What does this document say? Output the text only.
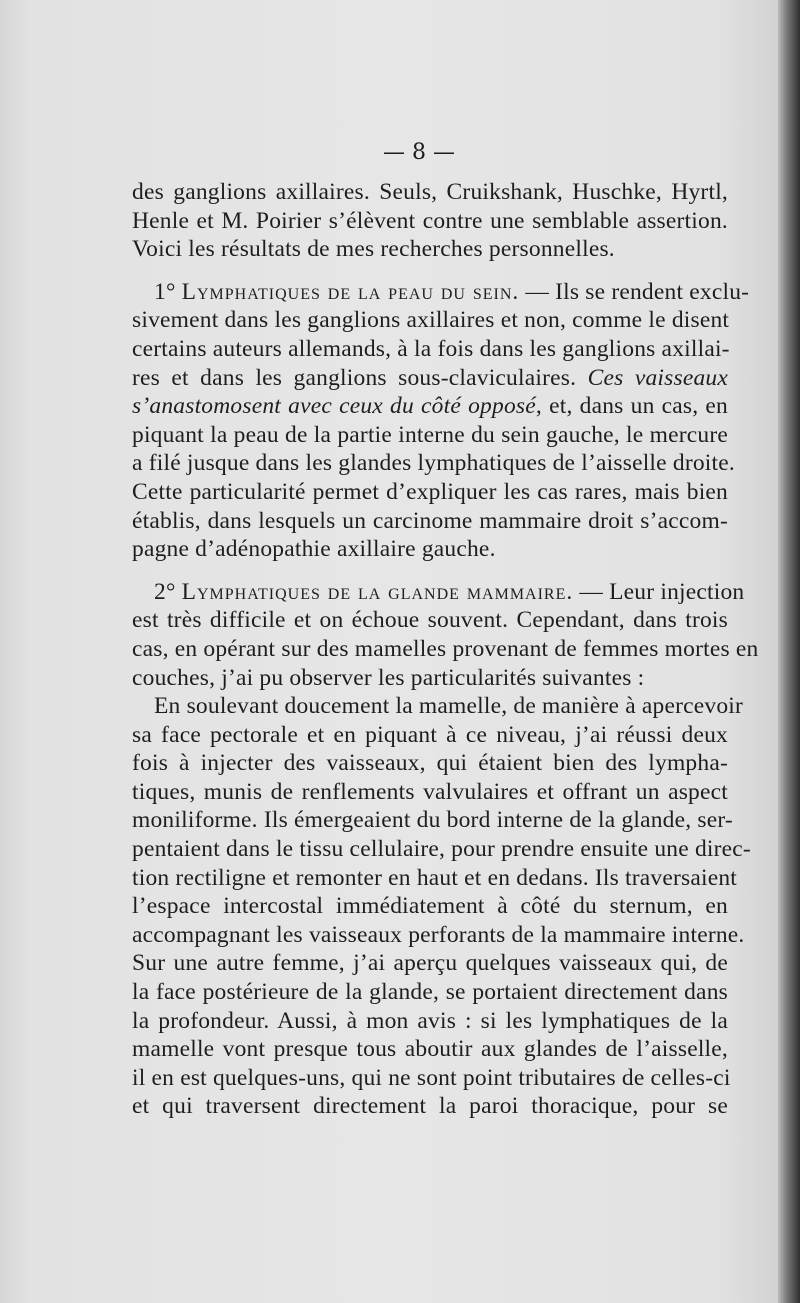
— 8 —

des ganglions axillaires. Seuls, Cruikshank, Huschke, Hyrtl,
Henle et M. Poirier s’élèvent contre une semblable assertion.
Voici les résultats de mes recherches personnelles.

1° Lymphatiques de la peau du sein. — Ils se rendent exclu-
sivement dans les ganglions axillaires et non, comme le disent
certains auteurs allemands, à la fois dans les ganglions axillai-
res et dans les ganglions sous-claviculaires. Ces vaisseaux
s’anastomosent avec ceux du côté opposé, et, dans un cas, en
piquant la peau de la partie interne du sein gauche, le mercure
a filé jusque dans les glandes lymphatiques de l’aisselle droite.
Cette particularité permet d’expliquer les cas rares, mais bien
établis, dans lesquels un carcinome mammaire droit s’accom-
pagne d’adénopathie axillaire gauche.

2° Lymphatiques de la glande mammaire. — Leur injection
est très difficile et on échoue souvent. Cependant, dans trois
cas, en opérant sur des mamelles provenant de femmes mortes en
couches, j’ai pu observer les particularités suivantes :

En soulevant doucement la mamelle, de manière à apercevoir
sa face pectorale et en piquant à ce niveau, j’ai réussi deux
fois à injecter des vaisseaux, qui étaient bien des lympha-
tiques, munis de renflements valvulaires et offrant un aspect
moniliforme. Ils émergeaient du bord interne de la glande, ser-
pentaient dans le tissu cellulaire, pour prendre ensuite une direc-
tion rectiligne et remonter en haut et en dedans. Ils traversaient
l’espace intercostal immédiatement à côté du sternum, en
accompagnant les vaisseaux perforants de la mammaire interne.
Sur une autre femme, j’ai aperçu quelques vaisseaux qui, de
la face postérieure de la glande, se portaient directement dans
la profondeur. Aussi, à mon avis : si les lymphatiques de la
mamelle vont presque tous aboutir aux glandes de l’aisselle,
il en est quelques-uns, qui ne sont point tributaires de celles-ci
et qui traversent directement la paroi thoracique, pour se
